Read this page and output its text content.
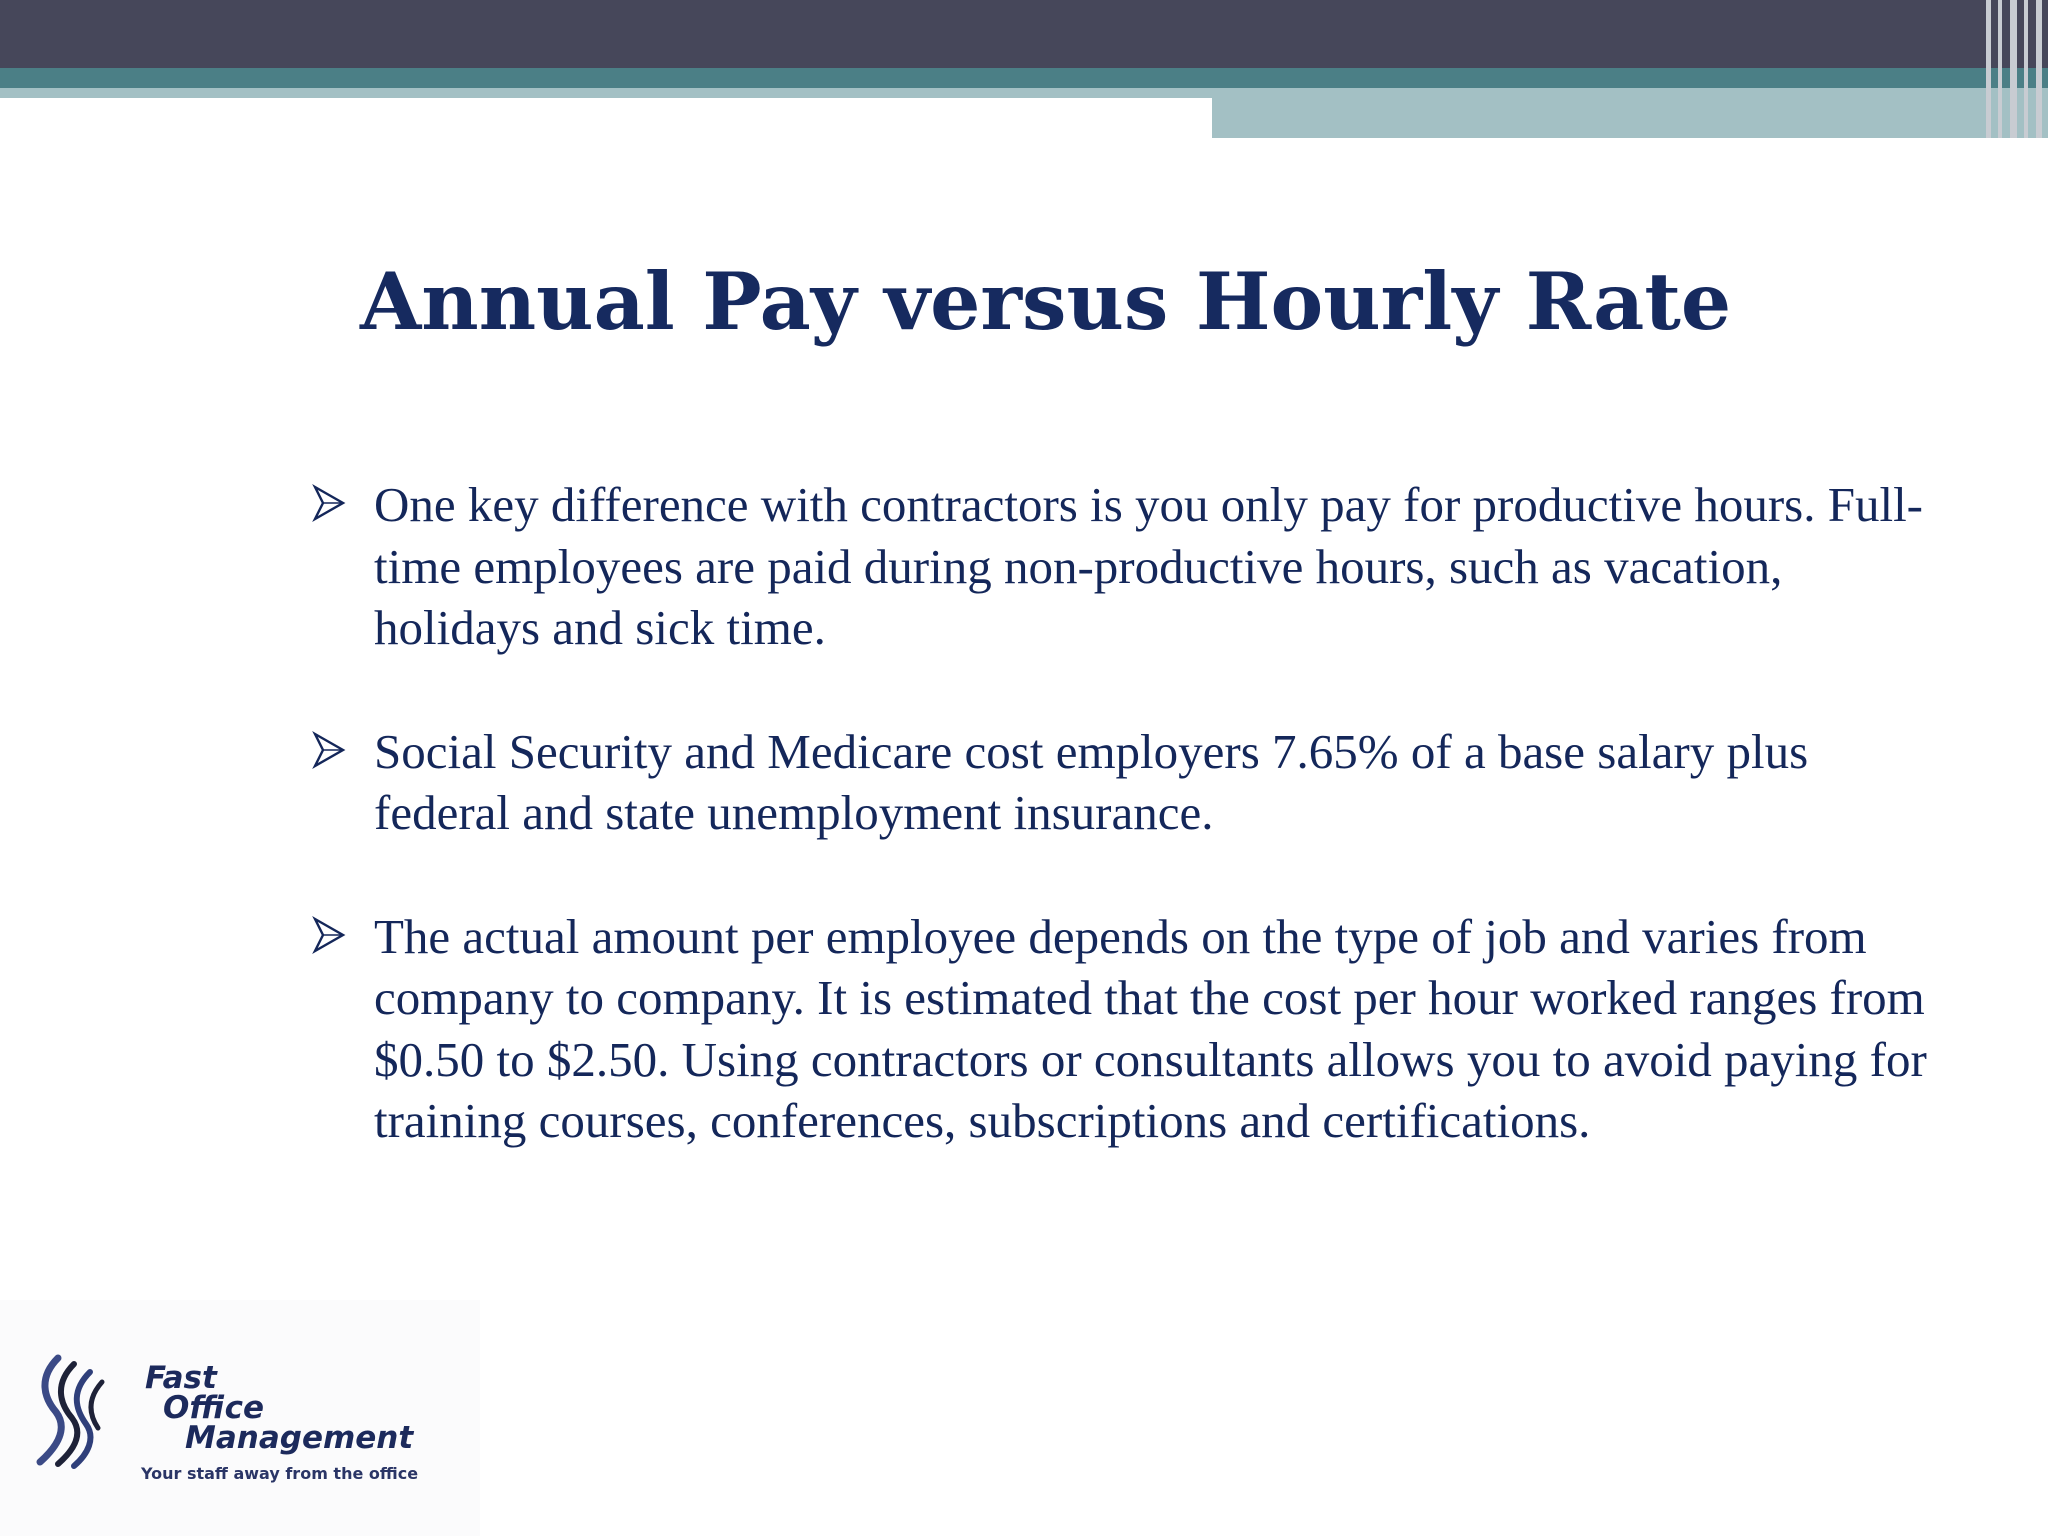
Annual Pay versus Hourly Rate
One key difference with contractors is you only pay for productive hours. Full-time employees are paid during non-productive hours, such as vacation, holidays and sick time.
Social Security and Medicare cost employers 7.65% of a base salary plus federal and state unemployment insurance.
The actual amount per employee depends on the type of job and varies from company to company. It is estimated that the cost per hour worked ranges from $0.50 to $2.50. Using contractors or consultants allows you to avoid paying for training courses, conferences, subscriptions and certifications.
Fast
Office
Management
Your staff away from the office
